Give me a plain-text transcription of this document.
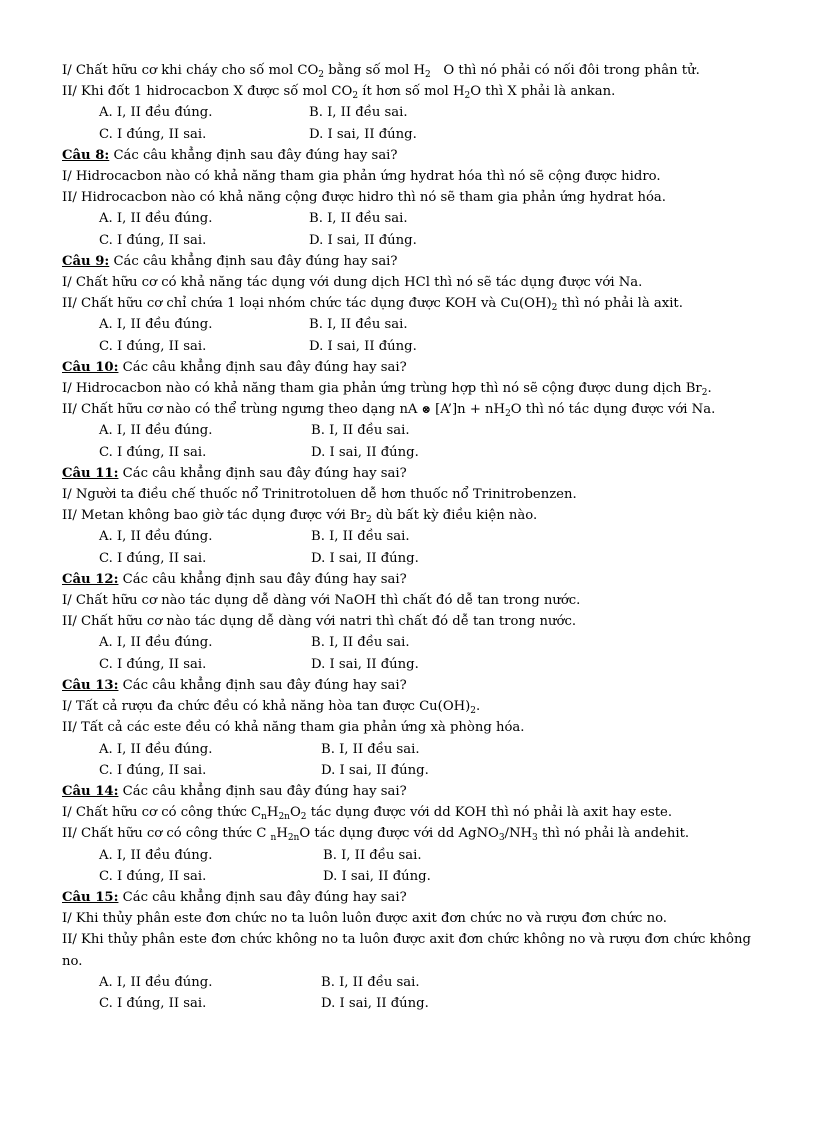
I/ Chất hữu cơ khi cháy cho số mol $CO_2$ bằng số mol $H_2$ O thì nó phải có nối đôi trong phân tử.
II/ Khi đốt 1 hidrocacbon X được số mol $CO_2$ ít hơn số mol $H_2O$ thì X phải là ankan.
A. I, II đều đúng.	B. I, II đều sai.
C. I đúng, II sai.	D. I sai, II đúng.
Câu 8: Các câu khẳng định sau đây đúng hay sai?
I/ Hidrocacbon nào có khả năng tham gia phản ứng hydrat hóa thì nó sẽ cộng được hidro.
II/ Hidrocacbon nào có khả năng cộng được hidro thì nó sẽ tham gia phản ứng hydrat hóa.
A. I, II đều đúng.	B. I, II đều sai.
C. I đúng, II sai.	D. I sai, II đúng.
Câu 9: Các câu khẳng định sau đây đúng hay sai?
I/ Chất hữu cơ có khả năng tác dụng với dung dịch HCl thì nó sẽ tác dụng được với Na.
II/ Chất hữu cơ chỉ chứa 1 loại nhóm chức tác dụng được KOH và $Cu(OH)_2$ thì nó phải là axit.
A. I, II đều đúng.	B. I, II đều sai.
C. I đúng, II sai.	D. I sai, II đúng.
Câu 10: Các câu khẳng định sau đây đúng hay sai?
I/ Hidrocacbon nào có khả năng tham gia phản ứng trùng hợp thì nó sẽ cộng được dung dịch $Br_2$.
II/ Chất hữu cơ nào có thể trùng ngưng theo dạng nA ⊗ [A’]n + $nH_2O$ thì nó tác dụng được với Na.
A. I, II đều đúng.	B. I, II đều sai.
C. I đúng, II sai.	D. I sai, II đúng.
Câu 11: Các câu khẳng định sau đây đúng hay sai?
I/ Người ta điều chế thuốc nổ Trinitrotoluen dễ hơn thuốc nổ Trinitrobenzen.
II/ Metan không bao giờ tác dụng được với $Br_2$ dù bất kỳ điều kiện nào.
A. I, II đều đúng.	B. I, II đều sai.
C. I đúng, II sai.	D. I sai, II đúng.
Câu 12: Các câu khẳng định sau đây đúng hay sai?
I/ Chất hữu cơ nào tác dụng dễ dàng với NaOH thì chất đó dễ tan trong nước.
II/ Chất hữu cơ nào tác dụng dễ dàng với natri thì chất đó dễ tan trong nước.
A. I, II đều đúng.	B. I, II đều sai.
C. I đúng, II sai.	D. I sai, II đúng.
Câu 13: Các câu khẳng định sau đây đúng hay sai?
I/ Tất cả rượu đa chức đều có khả năng hòa tan được $Cu(OH)_2$.
II/ Tất cả các este đều có khả năng tham gia phản ứng xà phòng hóa.
A. I, II đều đúng.	B. I, II đều sai.
C. I đúng, II sai.	D. I sai, II đúng.
Câu 14: Các câu khẳng định sau đây đúng hay sai?
I/ Chất hữu cơ có công thức $C_nH_{2n}O_2$ tác dụng được với dd KOH thì nó phải là axit hay este.
II/ Chất hữu cơ có công thức C $_nH_{2n}O$ tác dụng được với dd $AgNO_3/NH_3$ thì nó phải là andehit.
A. I, II đều đúng.	B. I, II đều sai.
C. I đúng, II sai.	D. I sai, II đúng.
Câu 15: Các câu khẳng định sau đây đúng hay sai?
I/ Khi thủy phân este đơn chức no ta luôn luôn được axit đơn chức no và rượu đơn chức no.
II/ Khi thủy phân este đơn chức không no ta luôn được axit đơn chức không no và rượu đơn chức không no.
A. I, II đều đúng.	B. I, II đều sai.
C. I đúng, II sai.	D. I sai, II đúng.
